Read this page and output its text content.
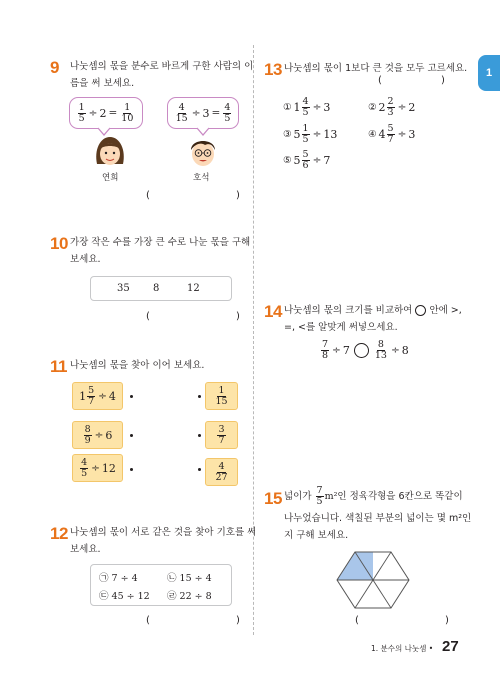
1
9 나눗셈의 몫을 분수로 바르게 구한 사람의 이
름을 써 보세요.
$\frac{1}{5} \div 2 = \frac{1}{10}$	$\frac{4}{15} \div 3 = \frac{4}{5}$
연희	호석
(	)
10 가장 작은 수를 가장 큰 수로 나눈 몫을 구해
보세요.
35 8	12
(	)
11 나눗셈의 몫을 찾아 이어 보세요.
$1 \frac{5}{7} \div 4$
$\frac{8}{9} \div 6$
$\frac{4}{5} \div 12$
$\frac{1}{15}$
$\frac{3}{7}$
$\frac{4}{27}$
12 나눗셈의 몫이 서로 같은 것을 찾아 기호를 써
보세요.
㉠ 7 ÷ 4	㉡ 15 ÷ 4
㉢ 45 ÷ 12 ㉣ 22 ÷ 8
(	)
13 나눗셈의 몫이 1보다 큰 것을 모두 고르세요.
(	)
① $1 \frac{4}{5} \div 3$	② $2 \frac{2}{3} \div 2$
③ $5 \frac{1}{5} \div 13$	④ $4 \frac{5}{7} \div 3$
⑤ $5 \frac{5}{6} \div 7$
14 나눗셈의 몫의 크기를 비교하여 안에 >,
=, <를 알맞게 써넣으세요.
$\frac{7}{8} \div 7$	$\frac{8}{13} \div 8$
15 넓이가 $\frac{7}{5} m^2$ 인 정육각형을 6칸으로 똑같이
나누었습니다. 색칠된 부분의 넓이는 몇 m²인
지 구해 보세요.
(	)
1. 분수의 나눗셈 • 27
